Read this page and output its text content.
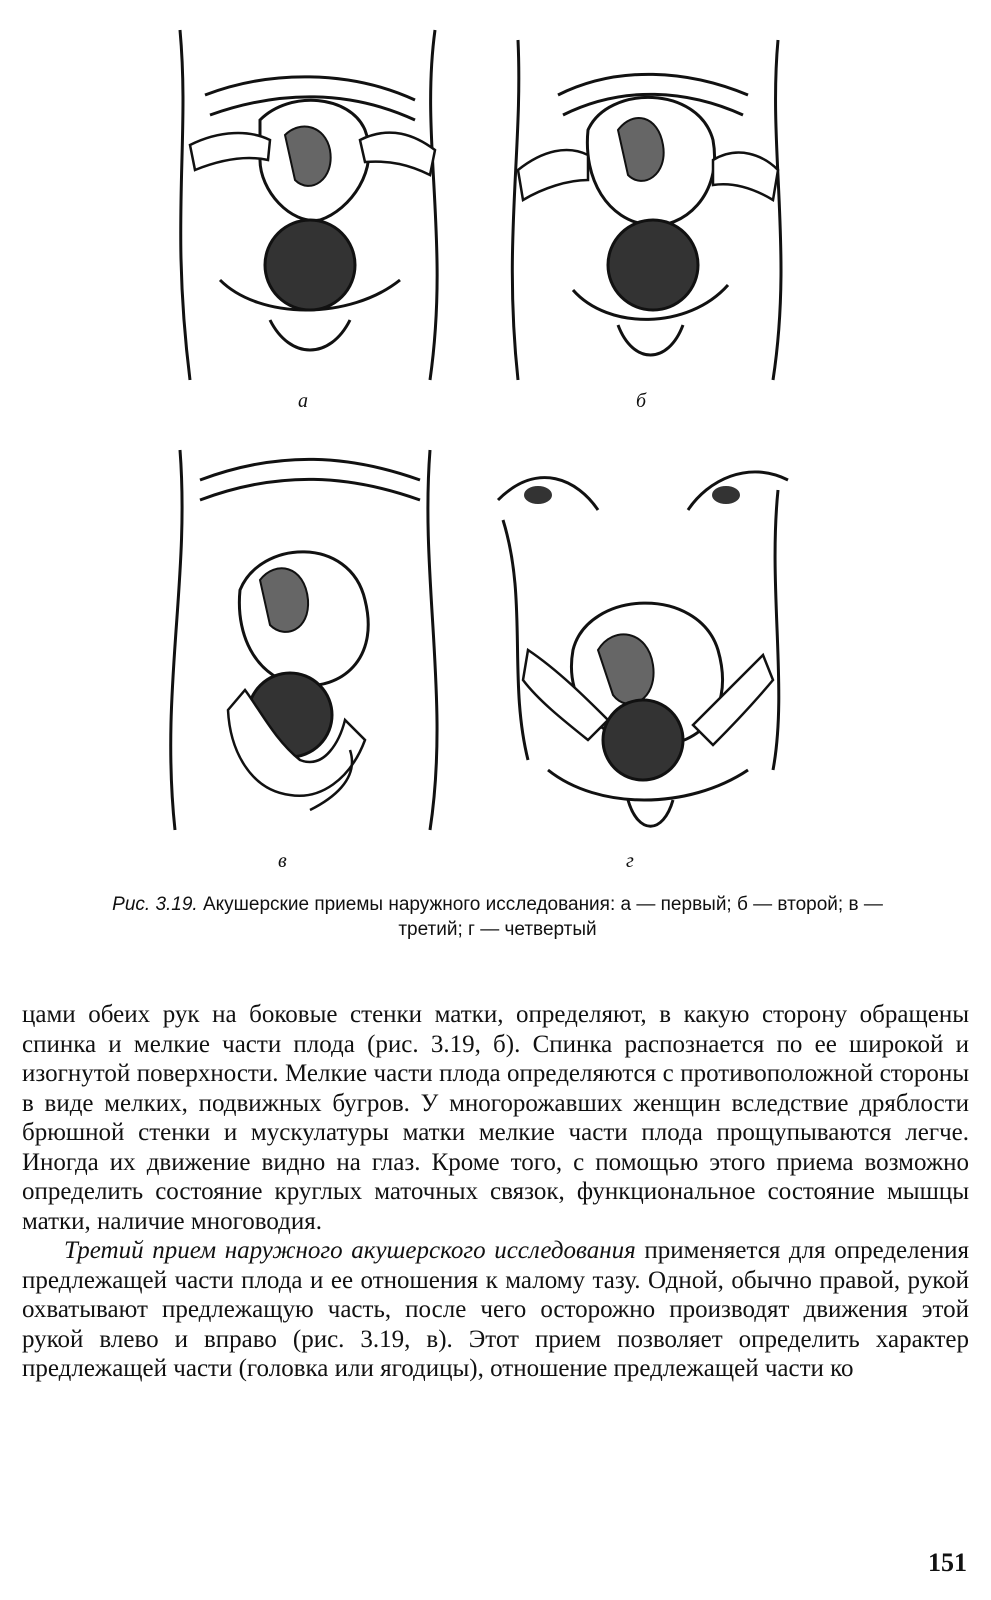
а	б
в	г
Рис. 3.19. Акушерские приемы наружного исследования: а — первый; б — второй; в — третий; г — четвертый

цами обеих рук на боковые стенки матки, определяют, в какую сторону обращены спинка и мелкие части плода (рис. 3.19, б). Спинка распознается по ее широкой и изогнутой поверхности. Мелкие части плода определяются с противоположной стороны в виде мелких, подвижных бугров. У многорожавших женщин вследствие дряблости брюшной стенки и мускулатуры матки мелкие части плода прощупываются легче. Иногда их движение видно на глаз. Кроме того, с помощью этого приема возможно определить состояние круглых маточных связок, функциональное состояние мышцы матки, наличие многоводия.

Третий прием наружного акушерского исследования применяется для определения предлежащей части плода и ее отношения к малому тазу. Одной, обычно правой, рукой охватывают предлежащую часть, после чего осторожно производят движения этой рукой влево и вправо (рис. 3.19, в). Этот прием позволяет определить характер предлежащей части (головка или ягодицы), отношение предлежащей части ко

151
